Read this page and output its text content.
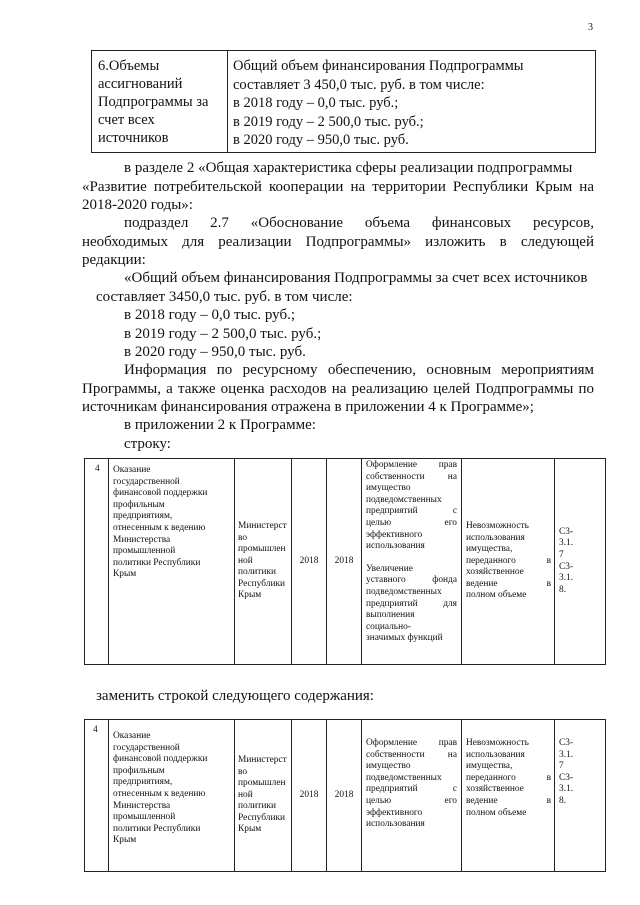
3
6.Объемы
ассигнований
Подпрограммы за
счет всех
источников
Общий объем финансирования Подпрограммы
составляет 3 450,0 тыс. руб. в том числе:
в 2018 году – 0,0 тыс. руб.;
в 2019 году – 2 500,0 тыс. руб.;
в 2020 году – 950,0 тыс. руб.
в разделе 2 «Общая характеристика сферы реализации подпрограммы
«Развитие потребительской кооперации на территории Республики Крым на
2018-2020 годы»:
подраздел 2.7 «Обоснование объема финансовых ресурсов,
необходимых для реализации Подпрограммы» изложить в следующей
редакции:
«Общий объем финансирования Подпрограммы за счет всех источников
составляет 3450,0 тыс. руб. в том числе:
в 2018 году – 0,0 тыс. руб.;
в 2019 году – 2 500,0 тыс. руб.;
в 2020 году – 950,0 тыс. руб.
Информация по ресурсному обеспечению, основным мероприятиям
Программы, а также оценка расходов на реализацию целей Подпрограммы по
источникам финансирования отражена в приложении 4 к Программе»;
в приложении 2 к Программе:
строку:
4	Оказание
государственной
финансовой поддержки
профильным
предприятиям,
отнесенным к ведению
Министерства
промышленной
политики Республики
Крым
Министерст
во
промышлен
ной
политики
Республики
Крым
2018 2018
Оформление прав
собственности на
имущество
подведомственных
предприятий с
целью его
эффективного
использования
Увеличение
уставного фонда
подведомственных
предприятий для
выполнения
социально-
значимых функций
Невозможность
использования
имущества,
переданного в
хозяйственное
ведение в
полном объеме
С3-
3.1.
7
С3-
3.1.
8.
заменить строкой следующего содержания:
4
Оказание
государственной
финансовой поддержки
профильным
предприятиям,
отнесенным к ведению
Министерства
промышленной
политики Республики
Крым
Министерст
во
промышлен
ной
политики
Республики
Крым
2018 2018
Оформление прав
собственности на
имущество
подведомственных
предприятий с
целью его
эффективного
использования
Невозможность
использования
имущества,
переданного в
хозяйственное
ведение в
полном объеме
С3-
3.1.
7
С3-
3.1.
8.
